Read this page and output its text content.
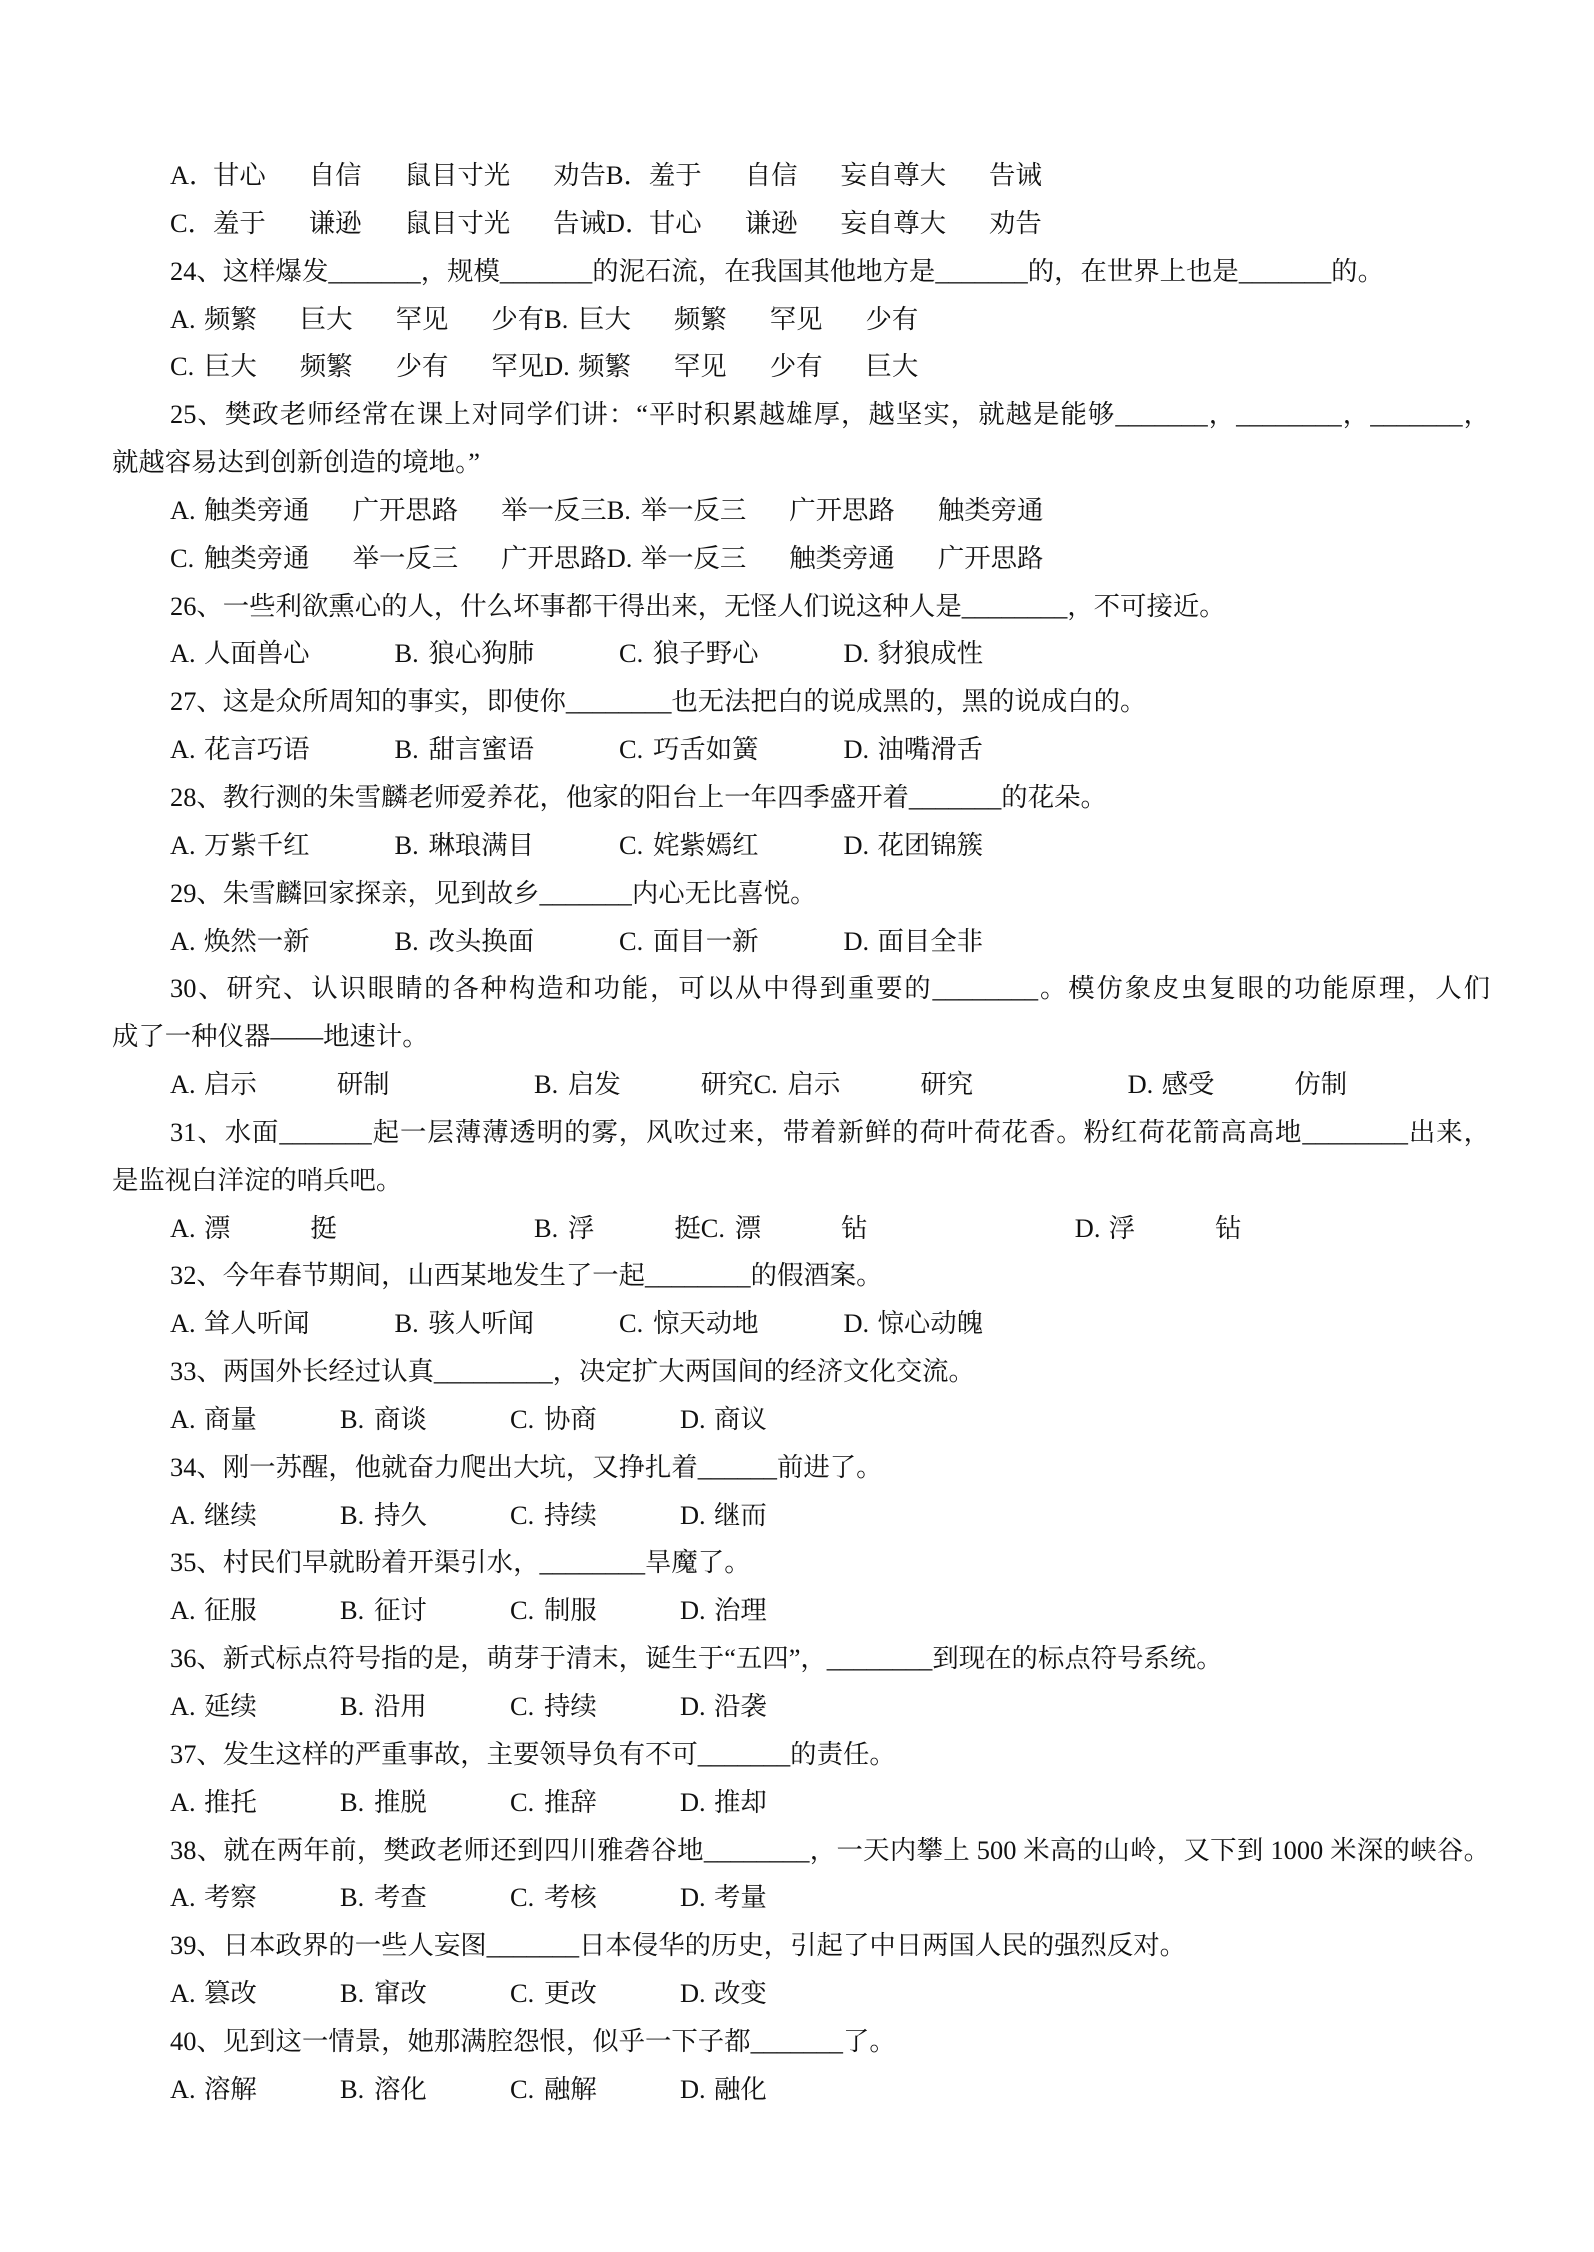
A．
甘心 自信 鼠目寸光 劝告 B． 羞于 自信 妄自尊大 告诫
C． 羞于 谦逊 鼠目寸光 告诫 D．
甘心 谦逊 妄自尊大 劝告
24、这样爆发_______，规模_______的泥石流，在我国其他地方是_______的，在世界上也是_______的。
A. 频繁 巨大 罕见 少有 B. 巨大 频繁 罕见 少有
C. 巨大 频繁 少有 罕见 D. 频繁 罕见 少有 巨大
25、樊政老师经常在课上对同学们讲：“平时积累越雄厚，越坚实，就越是能够_______，________，_______，
就越容易达到创新创造的境地。”
A. 触类旁通 广开思路 举一反三 B. 举一反三 广开思路 触类旁通
C. 触类旁通 举一反三 广开思路 D. 举一反三 触类旁通 广开思路
26、一些利欲熏心的人，什么坏事都干得出来，无怪人们说这种人是________，不可接近。
A. 人面兽心	B. 狼心狗肺	C. 狼子野心	D. 豺狼成性
27、这是众所周知的事实，即使你________也无法把白的说成黑的，黑的说成白的。
A. 花言巧语	B. 甜言蜜语	C. 巧舌如簧	D. 油嘴滑舌
28、教行测的朱雪麟老师爱养花，他家的阳台上一年四季盛开着_______的花朵。
A. 万紫千红	B. 琳琅满目	C. 姹紫嫣红	D. 花团锦簇
29、朱雪麟回家探亲，见到故乡_______内心无比喜悦。
A. 焕然一新	B. 改头换面	C. 面目一新	D. 面目全非
30、研究、认识眼睛的各种构造和功能，可以从中得到重要的________。模仿象皮虫复眼的功能原理，人们
成了一种仪器——地速计。
A. 启示	研制	B. 启发	研究 C. 启示	研究	D. 感受	仿制
31、水面_______起一层薄薄透明的雾，风吹过来，带着新鲜的荷叶荷花香。粉红荷花箭高高地________出来，
是监视白洋淀的哨兵吧。
A. 漂	挺	B. 浮	挺 C. 漂	钻	D. 浮	钻
32、今年春节期间，山西某地发生了一起________的假酒案。
A. 耸人听闻	B. 骇人听闻	C. 惊天动地	D. 惊心动魄
33、两国外长经过认真_________，决定扩大两国间的经济文化交流。
A. 商量	B. 商谈	C. 协商	D. 商议
34、刚一苏醒，他就奋力爬出大坑，又挣扎着______前进了。
A. 继续	B. 持久	C. 持续	D. 继而
35、村民们早就盼着开渠引水，________旱魔了。
A. 征服	B. 征讨	C. 制服	D. 治理
36、新式标点符号指的是，萌芽于清末，诞生于“五四”，________到现在的标点符号系统。
A. 延续	B. 沿用	C. 持续	D. 沿袭
37、发生这样的严重事故，主要领导负有不可_______的责任。
A. 推托	B. 推脱	C. 推辞	D. 推却
38、就在两年前，樊政老师还到四川雅砻谷地________，一天内攀上 500 米高的山岭，又下到 1000 米深的峡谷。
A. 考察	B. 考查	C. 考核	D. 考量
39、日本政界的一些人妄图_______日本侵华的历史，引起了中日两国人民的强烈反对。
A. 篡改	B. 窜改	C. 更改	D. 改变
40、见到这一情景，她那满腔怨恨，似乎一下子都_______了。
A. 溶解	B. 溶化	C. 融解	D. 融化
